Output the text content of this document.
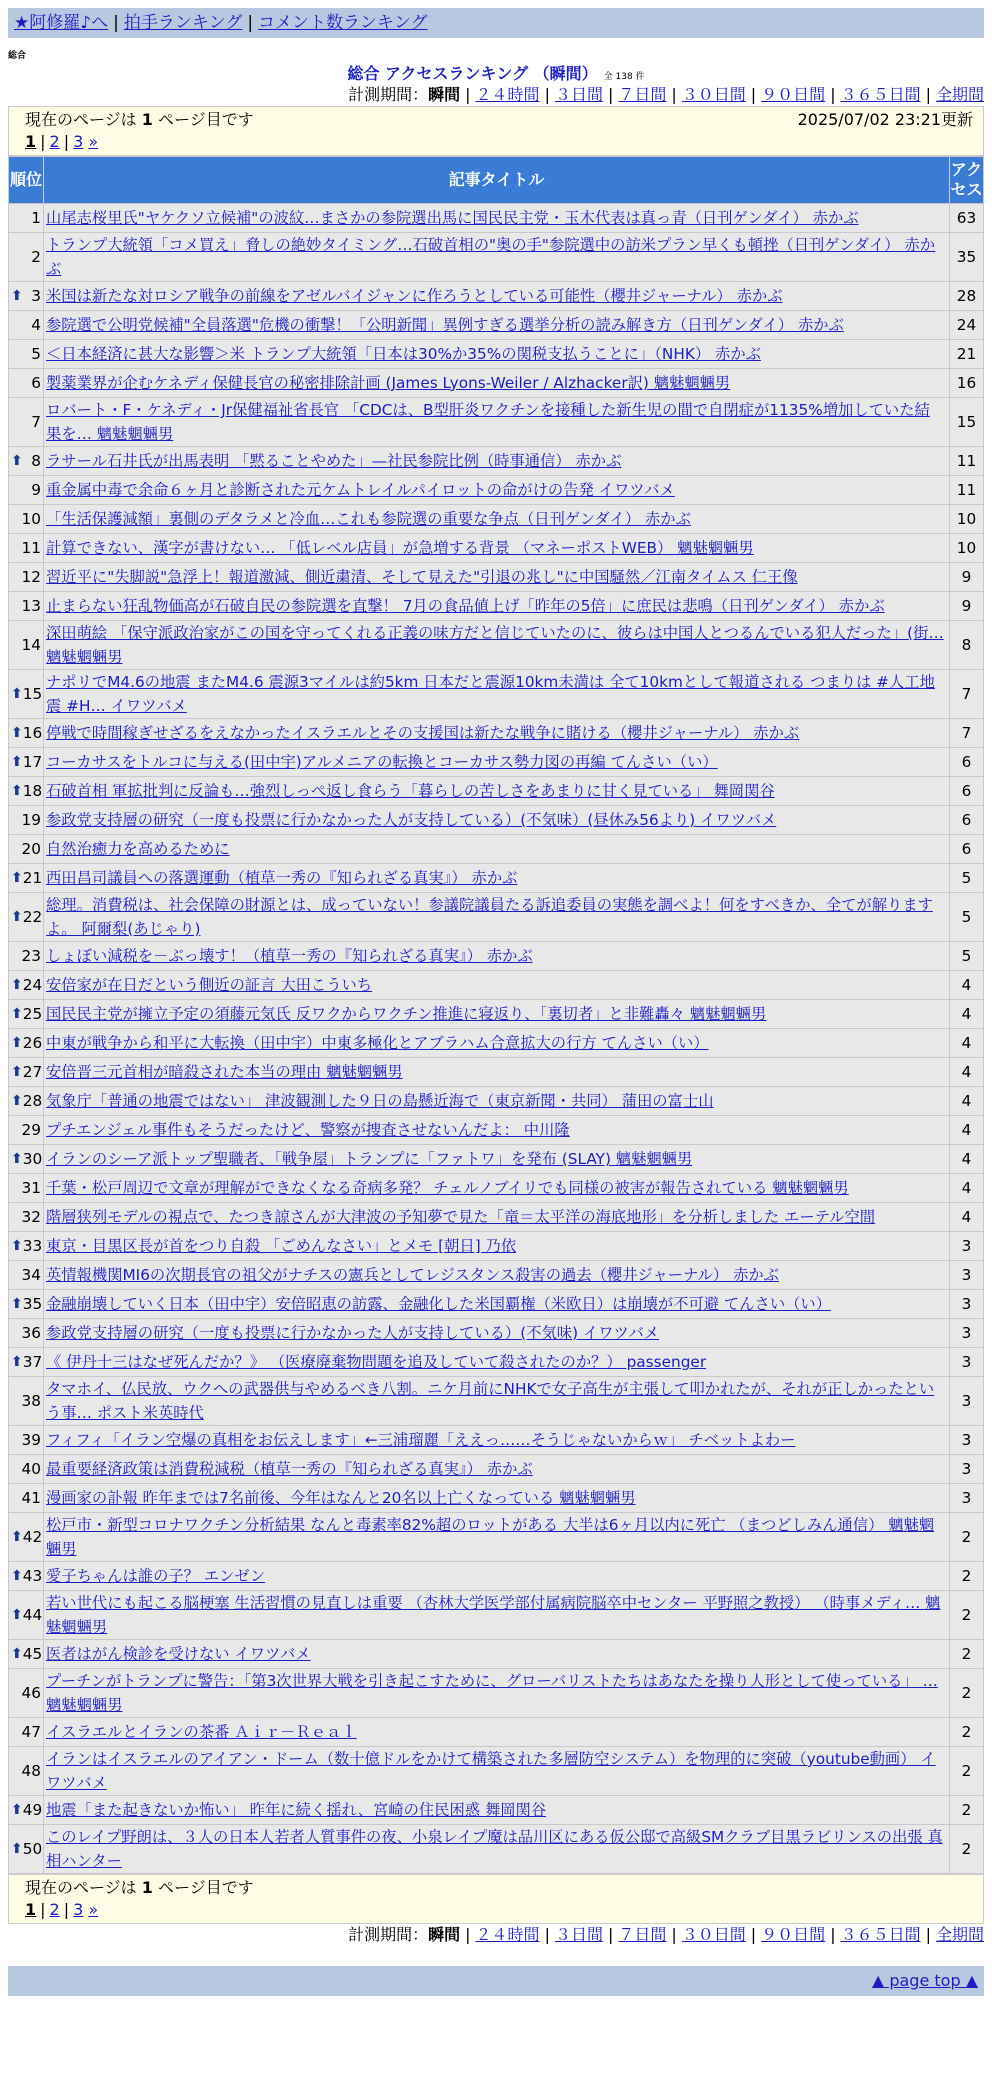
★阿修羅♪へ | 拍手ランキング | コメント数ランキング
総合
総合 アクセスランキング （瞬間） 全 138 件
計測期間：瞬間 | ２４時間 | ３日間 | ７日間 | ３０日間 | ９０日間 | ３６５日間 | 全期間
現在のページは 1 ページ目です	2025/07/02 23:21更新
1 | 2 | 3 »
順位	記事タイトル	アクセス
1	山尾志桜里氏"ヤケクソ立候補"の波紋…まさかの参院選出馬に国民民主党・玉木代表は真っ青（日刊ゲンダイ） 赤かぶ	63
2	トランプ大統領「コメ買え」脅しの絶妙タイミング…石破首相の"奥の手"参院選中の訪米プラン早くも頓挫（日刊ゲンダイ） 赤かぶ	35

⬆ 3	米国は新たな対ロシア戦争の前線をアゼルバイジャンに作ろうとしている可能性（櫻井ジャーナル） 赤かぶ	28
4	参院選で公明党候補"全員落選"危機の衝撃！「公明新聞」異例すぎる選挙分析の読み解き方（日刊ゲンダイ） 赤かぶ	24
5	＜日本経済に甚大な影響＞米 トランプ大統領「日本は30%か35%の関税支払うことに」（NHK） 赤かぶ	21
6	製薬業界が企むケネディ保健長官の秘密排除計画 (James Lyons-Weiler / Alzhacker訳) 魑魅魍魎男	16
7	ロバート・F・ケネディ・Jr保健福祉省長官 「CDCは、B型肝炎ワクチンを接種した新生児の間で自閉症が1135%増加していた結果を… 魑魅魍魎男	15

⬆ 8	ラサール石井氏が出馬表明 「黙ることやめた」—社民参院比例（時事通信） 赤かぶ	11
9	重金属中毒で余命６ヶ月と診断された元ケムトレイルパイロットの命がけの告発 イワツバメ	11
10	「生活保護減額」裏側のデタラメと冷血…これも参院選の重要な争点（日刊ゲンダイ） 赤かぶ	10
11	計算できない、漢字が書けない… 「低レベル店員」が急増する背景 （マネーポストWEB） 魑魅魍魎男	10
12	習近平に"失脚説"急浮上！報道激減、側近粛清、そして見えた"引退の兆し"に中国騒然／江南タイムス 仁王像	9
13	止まらない狂乱物価高が石破自民の参院選を直撃！ 7月の食品値上げ「昨年の5倍」に庶民は悲鳴（日刊ゲンダイ） 赤かぶ	9
14	深田萌絵 「保守派政治家がこの国を守ってくれる正義の味方だと信じていたのに、彼らは中国人とつるんでいる犯人だった」(街… 魑魅魍魎男	8

⬆ 15	ナポリでM4.6の地震 またM4.6 震源3マイルは約5km 日本だと震源10km未満は 全て10kmとして報道される つまりは #人工地震 #H… イワツバメ	7

⬆ 16	停戦で時間稼ぎせざるをえなかったイスラエルとその支援国は新たな戦争に賭ける（櫻井ジャーナル） 赤かぶ	7

⬆ 17	コーカサスをトルコに与える(田中宇)アルメニアの転換とコーカサス勢力図の再編 てんさい（い）	6

⬆ 18	石破首相 軍拡批判に反論も…強烈しっぺ返し食らう「暮らしの苦しさをあまりに甘く見ている」 舞岡関谷	6
19	参政党支持層の研究（一度も投票に行かなかった人が支持している）(不気味）(昼休み56より) イワツバメ	6
20	自然治癒力を高めるために	6

⬆ 21	西田昌司議員への落選運動（植草一秀の『知られざる真実』） 赤かぶ	5

⬆ 22	総理。消費税は、社会保障の財源とは、成っていない！参議院議員たる訴追委員の実態を調べよ！何をすべきか、全てが解りますよ。 阿爾梨(あじゃり)	5
23	しょぼい減税を－ぶっ壊す！（植草一秀の『知られざる真実』） 赤かぶ	5

⬆ 24	安倍家が在日だという側近の証言 大田こういち	4

⬆ 25	国民民主党が擁立予定の須藤元気氏 反ワクからワクチン推進に寝返り、「裏切者」と非難轟々 魑魅魍魎男	4

⬆ 26	中東が戦争から和平に大転換（田中宇）中東多極化とアブラハム合意拡大の行方 てんさい（い）	4

⬆ 27	安倍晋三元首相が暗殺された本当の理由 魑魅魍魎男	4

⬆ 28	気象庁「普通の地震ではない」 津波観測した９日の島懸近海で（東京新聞・共同） 蒲田の富士山	4
29	プチエンジェル事件もそうだったけど、警察が捜査させないんだよ： 中川隆	4

⬆ 30	イランのシーア派トップ聖職者、「戦争屋」トランプに「ファトワ」を発布 (SLAY) 魑魅魍魎男	4
31	千葉・松戸周辺で文章が理解ができなくなる奇病多発？ チェルノブイリでも同様の被害が報告されている 魑魅魍魎男	4
32	階層狭列モデルの視点で、たつき諒さんが大津波の予知夢で見た「竜＝太平洋の海底地形」を分析しました エーテル空間	4

⬆ 33	東京・目黒区長が首をつり自殺 「ごめんなさい」とメモ [朝日] 乃依	3
34	英情報機関MI6の次期長官の祖父がナチスの憲兵としてレジスタンス殺害の過去（櫻井ジャーナル） 赤かぶ	3

⬆ 35	金融崩壊していく日本（田中宇）安倍昭恵の訪露、金融化した米国覇権（米欧日）は崩壊が不可避 てんさい（い）	3
36	参政党支持層の研究（一度も投票に行かなかった人が支持している）(不気味) イワツバメ	3

⬆ 37	《 伊丹十三はなぜ死んだか？》 （医療廃棄物問題を追及していて殺されたのか？） passenger	3
38	タマホイ、仏民放、ウクへの武器供与やめるべき八割。ニケ月前にNHKで女子高生が主張して叩かれたが、それが正しかったという事… ポスト米英時代	3
39	フィフィ「イラン空爆の真相をお伝えします」←三浦瑠麗「ええっ……そうじゃないからｗ」 チベットよわー	3
40	最重要経済政策は消費税減税（植草一秀の『知られざる真実』） 赤かぶ	3
41	漫画家の訃報 昨年までは7名前後、今年はなんと20名以上亡くなっている 魑魅魍魎男	3

⬆ 42	松戸市・新型コロナワクチン分析結果 なんと毒素率82%超のロットがある 大半は6ヶ月以内に死亡 （まつどしみん通信） 魑魅魍魎男	2

⬆ 43	愛子ちゃんは誰の子？ エンゼン	2

⬆ 44	若い世代にも起こる脳梗塞 生活習慣の見直しは重要 （杏林大学医学部付属病院脳卒中センター 平野照之教授） （時事メディ… 魑魅魍魎男	2

⬆ 45	医者はがん検診を受けない イワツバメ	2
46	プーチンがトランプに警告：「第3次世界大戦を引き起こすために、グローバリストたちはあなたを操り人形として使っている」 … 魑魅魍魎男	2
47	イスラエルとイランの茶番 Ａｉｒ－Ｒｅａｌ	2
48	イランはイスラエルのアイアン・ドーム（数十億ドルをかけて構築された多層防空システム）を物理的に突破（youtube動画） イワツバメ	2

⬆ 49	地震「また起きないか怖い」 昨年に続く揺れ、宮崎の住民困惑 舞岡関谷	2

⬆ 50	このレイプ野朗は、３人の日本人若者人質事件の夜、小泉レイプ魔は品川区にある仮公邸で高級SMクラブ目黒ラビリンスの出張 真相ハンター	2
現在のページは 1 ページ目です
1 | 2 | 3 »
計測期間：瞬間 | ２４時間 | ３日間 | ７日間 | ３０日間 | ９０日間 | ３６５日間 | 全期間
▲ page top ▲
